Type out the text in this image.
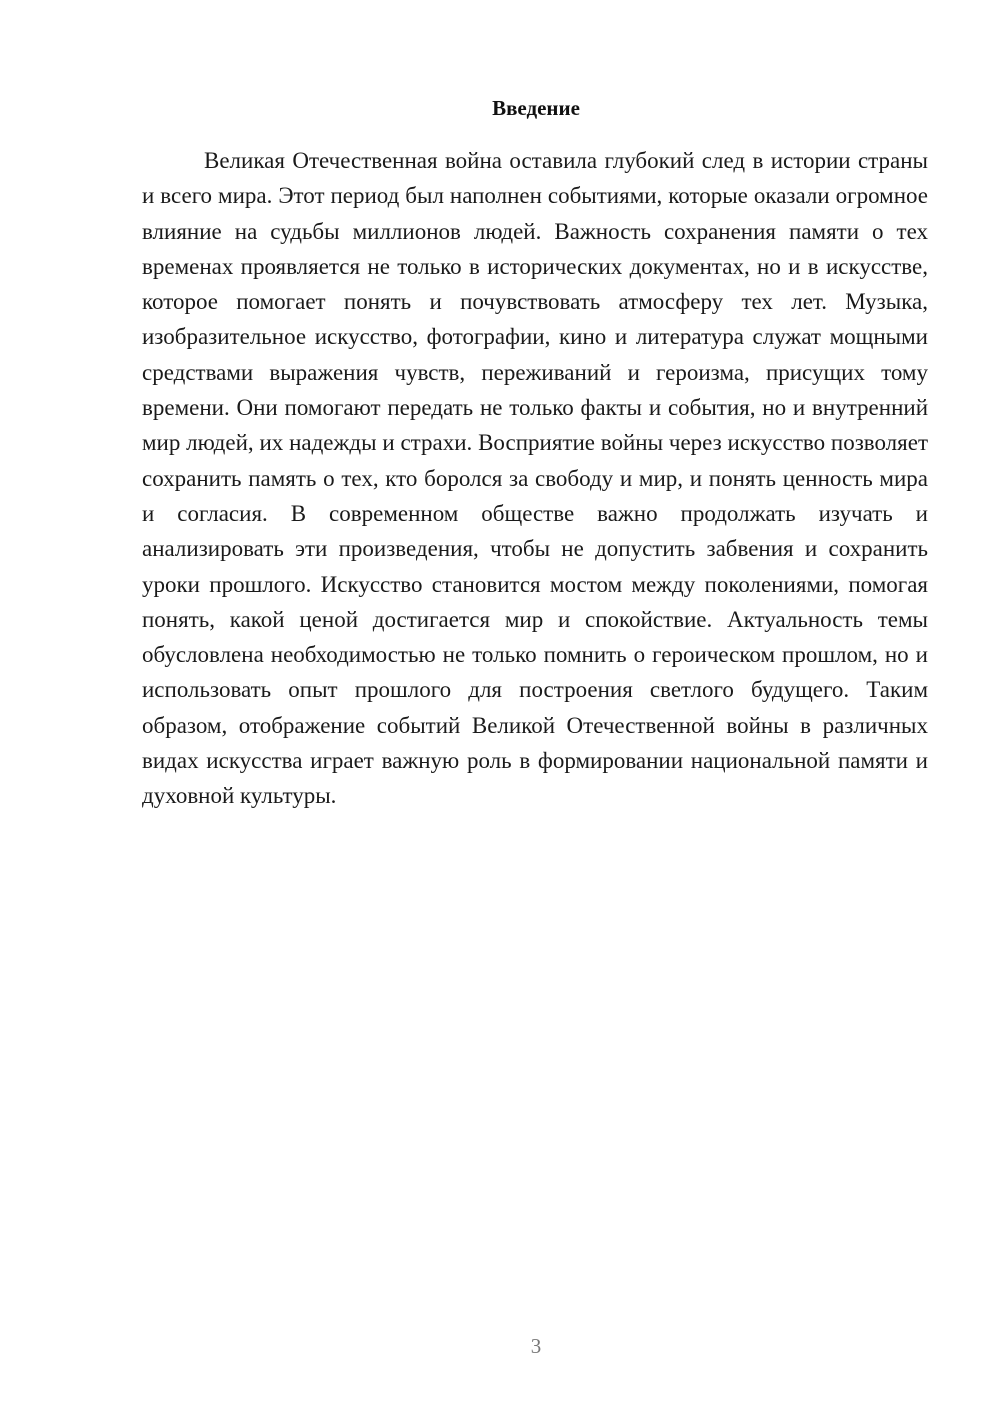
Введение

Великая Отечественная война оставила глубокий след в истории страны и всего мира. Этот период был наполнен событиями, которые оказали огромное влияние на судьбы миллионов людей. Важность сохранения памяти о тех временах проявляется не только в исторических документах, но и в искусстве, которое помогает понять и почувствовать атмосферу тех лет. Музыка, изобразительное искусство, фотографии, кино и литература служат мощными средствами выражения чувств, переживаний и героизма, присущих тому времени. Они помогают передать не только факты и события, но и внутренний мир людей, их надежды и страхи. Восприятие войны через искусство позволяет сохранить память о тех, кто боролся за свободу и мир, и понять ценность мира и согласия. В современном обществе важно продолжать изучать и анализировать эти произведения, чтобы не допустить забвения и сохранить уроки прошлого. Искусство становится мостом между поколениями, помогая понять, какой ценой достигается мир и спокойствие. Актуальность темы обусловлена необходимостью не только помнить о героическом прошлом, но и использовать опыт прошлого для построения светлого будущего. Таким образом, отображение событий Великой Отечественной войны в различных видах искусства играет важную роль в формировании национальной памяти и духовной культуры.

3
